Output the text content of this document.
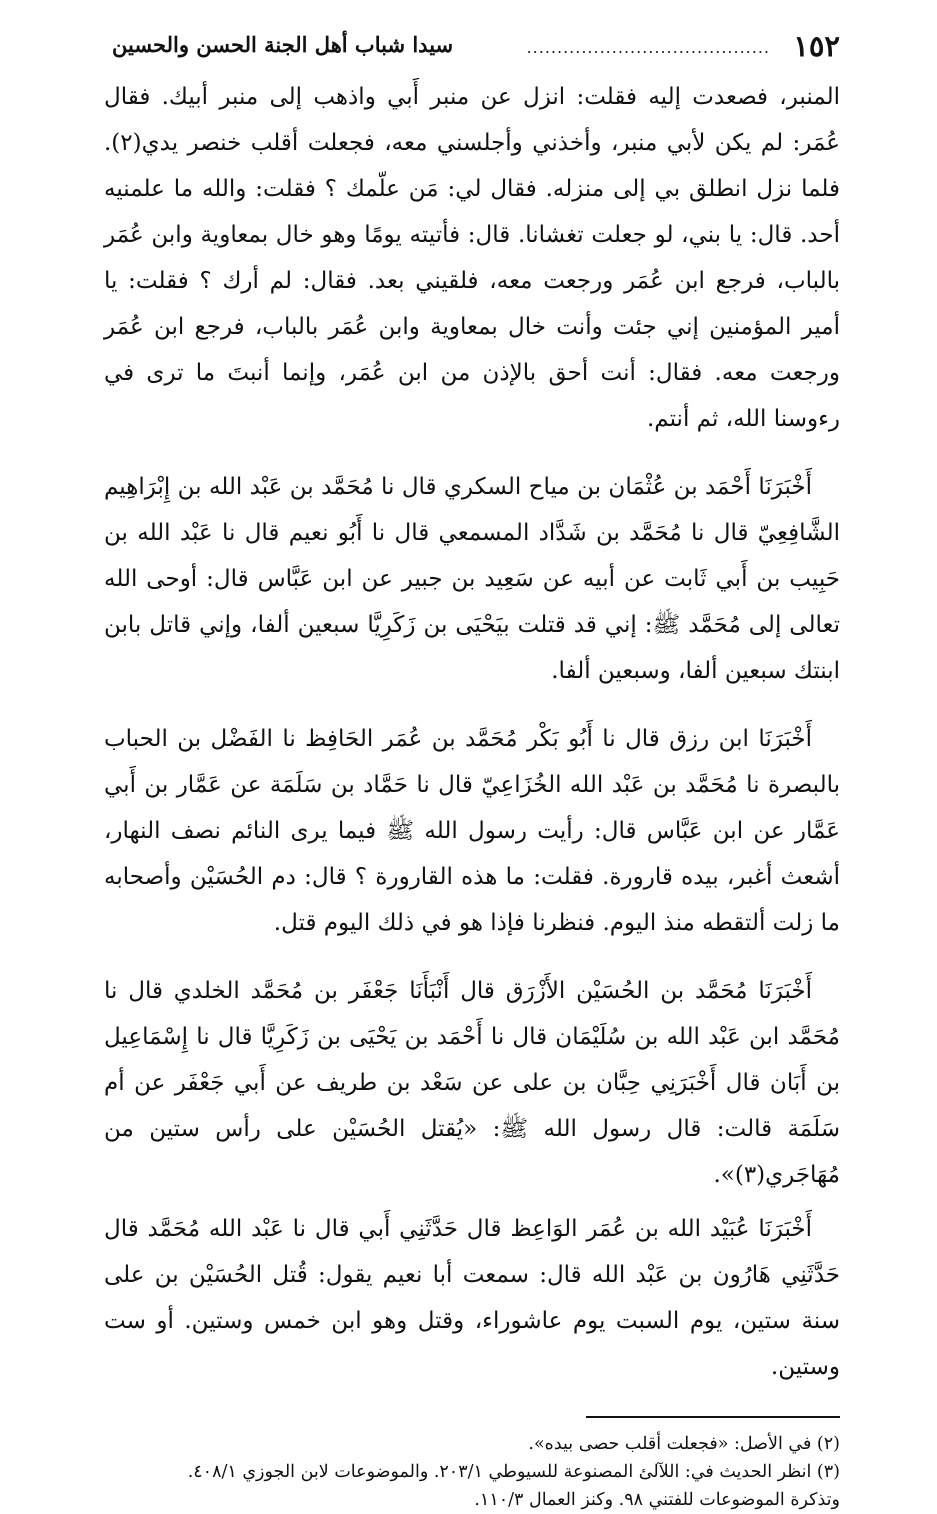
١٥٢
........................................
سيدا شباب أهل الجنة الحسن والحسين

المنبر، فصعدت إليه فقلت: انزل عن منبر أَبي واذهب إلى منبر أبيك. فقال عُمَر: لم يكن لأبي منبر، وأخذني وأجلسني معه، فجعلت أقلب خنصر يدي(٢). فلما نزل انطلق بي إلى منزله. فقال لي: مَن علّمك ؟ فقلت: والله ما علمنيه أحد. قال: يا بني، لو جعلت تغشانا. قال: فأتيته يومًا وهو خال بمعاوية وابن عُمَر بالباب، فرجع ابن عُمَر ورجعت معه، فلقيني بعد. فقال: لم أرك ؟ فقلت: يا أمير المؤمنين إني جئت وأنت خال بمعاوية وابن عُمَر بالباب، فرجع ابن عُمَر ورجعت معه. فقال: أنت أحق بالإذن من ابن عُمَر، وإنما أنبتَ ما ترى في رءوسنا الله، ثم أنتم.

أَخْبَرَنَا أَحْمَد بن عُثْمَان بن مياح السكري قال نا مُحَمَّد بن عَبْد الله بن إِبْرَاهِيم الشَّافِعِيّ قال نا مُحَمَّد بن شَدَّاد المسمعي قال نا أَبُو نعيم قال نا عَبْد الله بن حَبِيب بن أَبي ثَابت عن أبيه عن سَعِيد بن جبير عن ابن عَبَّاس قال: أوحى الله تعالى إلى مُحَمَّد ﷺ: إني قد قتلت بيَحْيَى بن زَكَرِيَّا سبعين ألفا، وإني قاتل بابن ابنتك سبعين ألفا، وسبعين ألفا.

أَخْبَرَنَا ابن رزق قال نا أَبُو بَكْر مُحَمَّد بن عُمَر الحَافِظ نا الفَضْل بن الحباب بالبصرة نا مُحَمَّد بن عَبْد الله الخُزَاعِيّ قال نا حَمَّاد بن سَلَمَة عن عَمَّار بن أَبي عَمَّار عن ابن عَبَّاس قال: رأيت رسول الله ﷺ فيما يرى النائم نصف النهار، أشعث أغبر، بيده قارورة. فقلت: ما هذه القارورة ؟ قال: دم الحُسَيْن وأصحابه ما زلت ألتقطه منذ اليوم. فنظرنا فإذا هو في ذلك اليوم قتل.

أَخْبَرَنَا مُحَمَّد بن الحُسَيْن الأَزْرَق قال أَنْبَأَنَا جَعْفَر بن مُحَمَّد الخلدي قال نا مُحَمَّد ابن عَبْد الله بن سُلَيْمَان قال نا أَحْمَد بن يَحْيَى بن زَكَرِيَّا قال نا إِسْمَاعِيل بن أَبَان قال أَخْبَرَنِي حِبَّان بن على عن سَعْد بن طريف عن أَبي جَعْفَر عن أم سَلَمَة قالت: قال رسول الله ﷺ: «يُقتل الحُسَيْن على رأس ستين من مُهَاجَري(٣)».

أَخْبَرَنَا عُبَيْد الله بن عُمَر الوَاعِظ قال حَدَّثَنِي أَبي قال نا عَبْد الله مُحَمَّد قال حَدَّثَنِي هَارُون بن عَبْد الله قال: سمعت أبا نعيم يقول: قُتل الحُسَيْن بن على سنة ستين، يوم السبت يوم عاشوراء، وقتل وهو ابن خمس وستين. أو ست وستين.

(٢) في الأصل: «فجعلت أقلب حصى بيده».

(٣) انظر الحديث في: اللآلئ المصنوعة للسيوطي ٢٠٣/١. والموضوعات لابن الجوزي ٤٠٨/١.

وتذكرة الموضوعات للفتني ٩٨. وكنز العمال ١١٠/٣.
